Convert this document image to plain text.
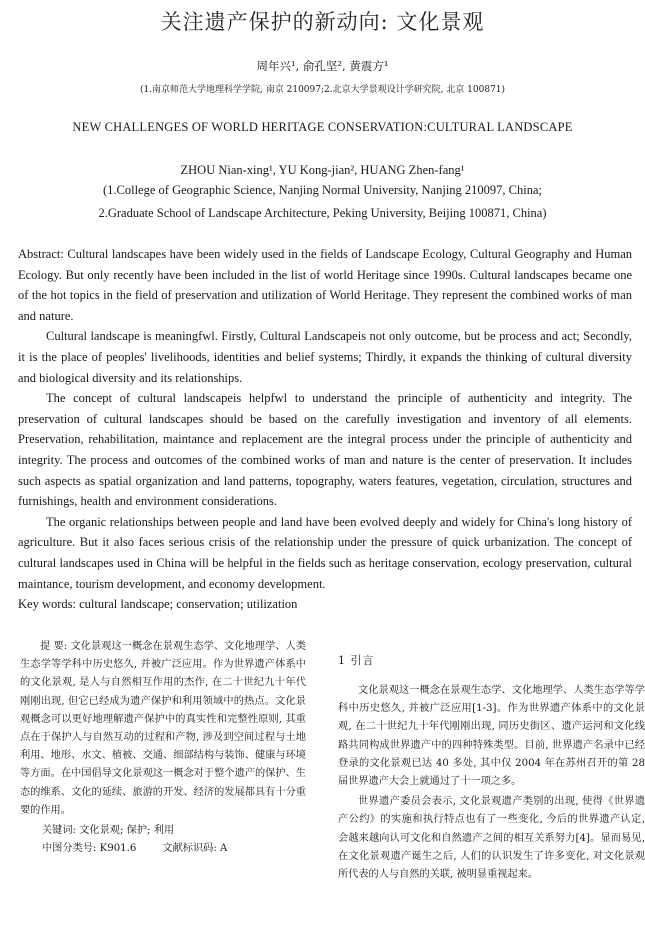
关注遗产保护的新动向: 文化景观
周年兴¹, 俞孔坚², 黄震方¹
(1.南京师范大学地理科学学院, 南京 210097;2.北京大学景观设计学研究院, 北京 100871)
NEW CHALLENGES OF WORLD HERITAGE CONSERVATION:CULTURAL LANDSCAPE
ZHOU Nian-xing¹, YU Kong-jian², HUANG Zhen-fang¹
(1.College of Geographic Science, Nanjing Normal University, Nanjing 210097, China;
2.Graduate School of Landscape Architecture, Peking University, Beijing 100871, China)

Abstract: Cultural landscapes have been widely used in the fields of Landscape Ecology, Cultural Geography and Human Ecology. But only recently have been included in the list of world Heritage since 1990s. Cultural landscapes became one of the hot topics in the field of preservation and utilization of World Heritage. They represent the combined works of man and nature.

Cultural landscape is meaningfwl. Firstly, Cultural Landscapeis not only outcome, but be process and act; Secondly, it is the place of peoples' livelihoods, identities and belief systems; Thirdly, it expands the thinking of cultural diversity and biological diversity and its relationships.

The concept of cultural landscapeis helpfwl to understand the principle of authenticity and integrity. The preservation of cultural landscapes should be based on the carefully investigation and inventory of all elements. Preservation, rehabilitation, maintance and replacement are the integral process under the principle of authenticity and integrity. The process and outcomes of the combined works of man and nature is the center of preservation. It includes such aspects as spatial organization and land patterns, topography, waters features, vegetation, circulation, structures and furnishings, health and environment considerations.

The organic relationships between people and land have been evolved deeply and widely for China's long history of agriculture. But it also faces serious crisis of the relationship under the pressure of quick urbanization. The concept of cultural landscapes used in China will be helpful in the fields such as heritage conservation, ecology preservation, cultural maintance, tourism development, and economy development.

Key words: cultural landscape; conservation; utilization

提 要: 文化景观这一概念在景观生态学、文化地理学、人类生态学等学科中历史悠久, 并被广泛应用。作为世界遗产体系中的文化景观, 是人与自然相互作用的杰作, 在二十世纪九十年代刚刚出现, 但它已经成为遗产保护和利用领域中的热点。文化景观概念可以更好地理解遗产保护中的真实性和完整性原则, 其重点在于保护人与自然互动的过程和产物, 涉及到空间过程与土地利用、地形、水文、植被、交通、细部结构与装饰、健康与环境等方面。在中国倡导文化景观这一概念对于整个遗产的保护、生态的维系、文化的延续、旅游的开发、经济的发展都具有十分重要的作用。

关键词: 文化景观; 保护; 利用

中图分类号: K901.6	文献标识码: A

1 引言

文化景观这一概念在景观生态学、文化地理学、人类生态学等学科中历史悠久, 并被广泛应用[1-3]。作为世界遗产体系中的文化景观, 在二十世纪九十年代刚刚出现, 同历史街区、遗产运河和文化线路共同构成世界遗产中的四种特殊类型。目前, 世界遗产名录中已经登录的文化景观已达 40 多处, 其中仅 2004 年在苏州召开的第 28 届世界遗产大会上就通过了十一项之多。

世界遗产委员会表示, 文化景观遗产类别的出现, 使得《世界遗产公约》的实施和执行特点也有了一些变化, 今后的世界遗产认定, 会越来越向认可文化和自然遗产之间的相互关系努力[4]。显而易见, 在文化景观遗产诞生之后, 人们的认识发生了许多变化, 对文化景观所代表的人与自然的关联, 被明显重视起来。
